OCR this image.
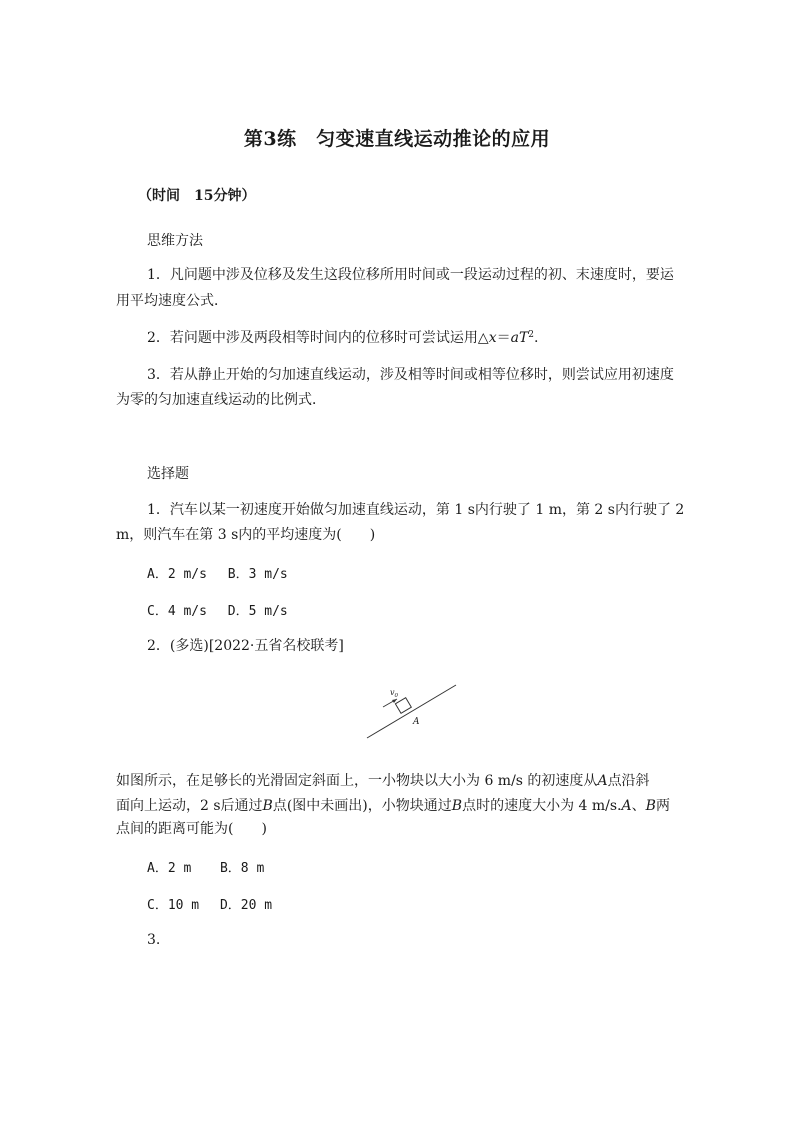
第3练　匀变速直线运动推论的应用
（时间　15分钟）
思维方法
1．凡问题中涉及位移及发生这段位移所用时间或一段运动过程的初、末速度时，要运
用平均速度公式．
2．若问题中涉及两段相等时间内的位移时可尝试运用$\triangle x=aT^2$.
3．若从静止开始的匀加速直线运动，涉及相等时间或相等位移时，则尝试应用初速度
为零的匀加速直线运动的比例式．
选择题
1．汽车以某一初速度开始做匀加速直线运动，第 1 s内行驶了 1 m，第 2 s内行驶了 2
m，则汽车在第 3 s内的平均速度为(　　)
A．2 m/s　 B．3 m/s
C．4 m/s　 D．5 m/s
2．(多选)[2022·五省名校联考]
$v_0$
A
如图所示，在足够长的光滑固定斜面上，一小物块以大小为 6 m/s 的初速度从A点沿斜
面向上运动，2 s后通过B点(图中未画出)，小物块通过B点时的速度大小为 4 m/s.A、B两
点间的距离可能为(　　)
A．2 m 　 B．8 m
C．10 m 　D．20 m
3.
